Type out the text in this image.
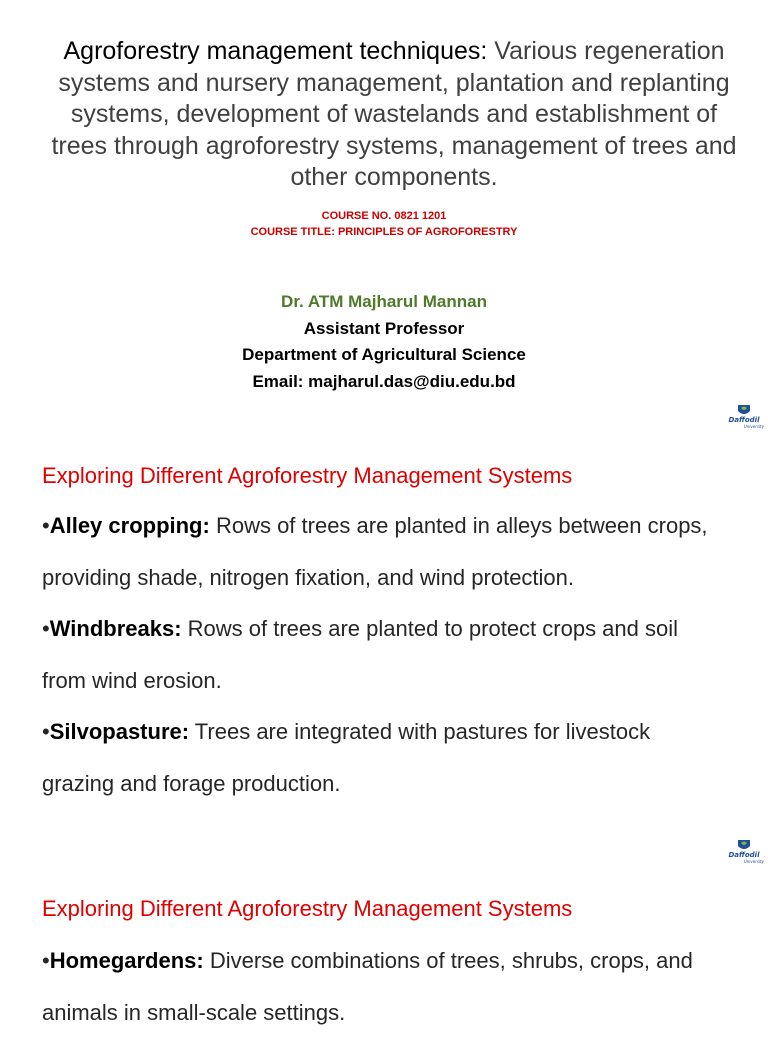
Agroforestry management techniques: Various regeneration systems and nursery management, plantation and replanting systems, development of wastelands and establishment of trees through agroforestry systems, management of trees and other components.
COURSE NO. 0821 1201
COURSE TITLE: PRINCIPLES OF AGROFORESTRY
Dr. ATM Majharul Mannan
Assistant Professor
Department of Agricultural Science
Email: majharul.das@diu.edu.bd
Daffodil
University
Exploring Different Agroforestry Management Systems

•Alley cropping: Rows of trees are planted in alleys between crops, providing shade, nitrogen fixation, and wind protection.

•Windbreaks: Rows of trees are planted to protect crops and soil from wind erosion.

•Silvopasture: Trees are integrated with pastures for livestock grazing and forage production.

Daffodil
University
Exploring Different Agroforestry Management Systems

•Homegardens: Diverse combinations of trees, shrubs, crops, and animals in small-scale settings.
